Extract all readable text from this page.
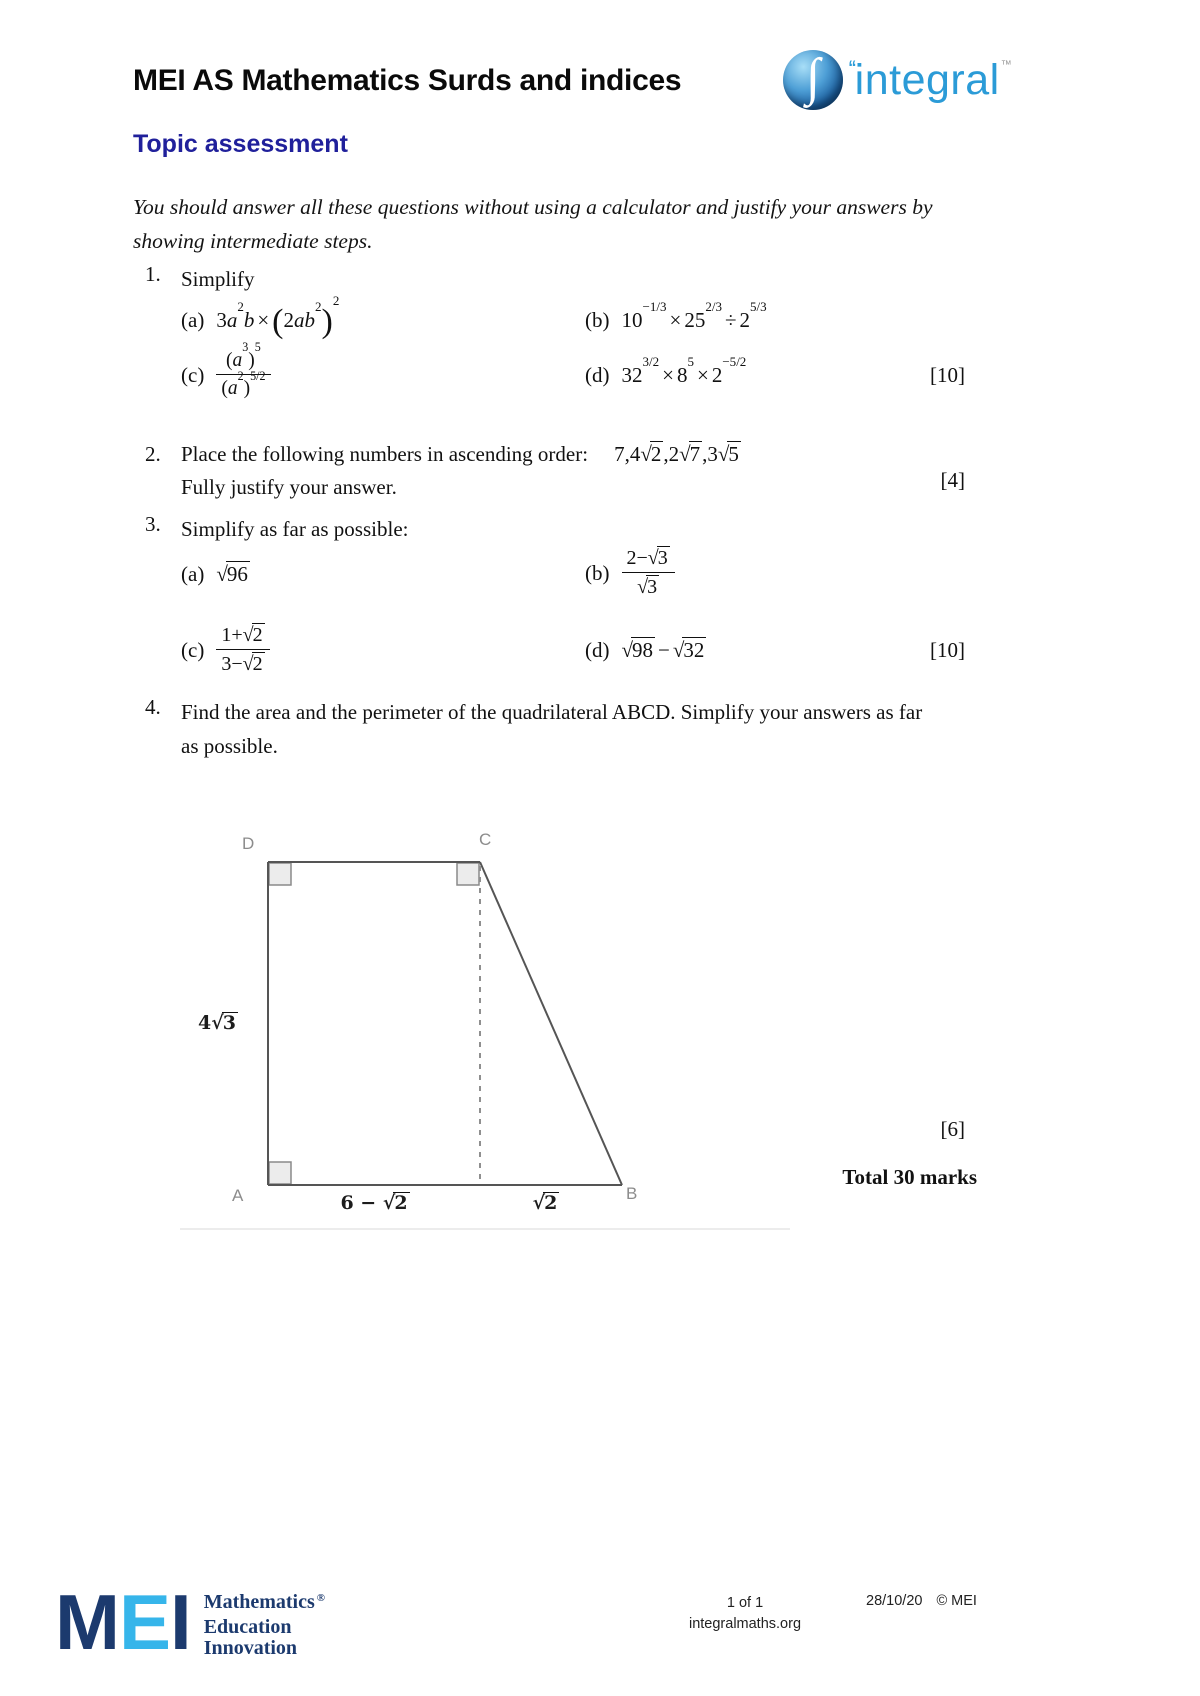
MEI AS Mathematics Surds and indices ∫ $^{ʻʻ}$integral™
Topic assessment
You should answer all these questions without using a calculator and justify your answers by
showing intermediate steps.
1. Simplify
(a) $3a^2b \times(2ab^2)^2$
(b) $10^{-1/3}\times 25^{2/3}\div 2^{5/3}$
$(c) \frac{(a^3)^5}{(a^2)^{5/2}}$	(d) $32^{3/2}\times 8^5\times 2^{-5/2}$
[10]
2. Place the following numbers in ascending order: 7,4√2,2√7,3√5
Fully justify your answer.	[4]
3. Simplify as far as possible:
(a) √96	$(b) \frac{2-√3}{√3}$
$(c) \frac{1+√2}{3-√2}$	(d) √98 − √32	[10]
4. Find the area and the perimeter of the quadrilateral ABCD. Simplify your answers as far
as possible.
D	C
A	B
4√3
6 − √2	√2
[6]
Total 30 marks
MEI Mathematics ®
Education
Innovation
1 of 1
integralmaths.org
28/10/20 © MEI
